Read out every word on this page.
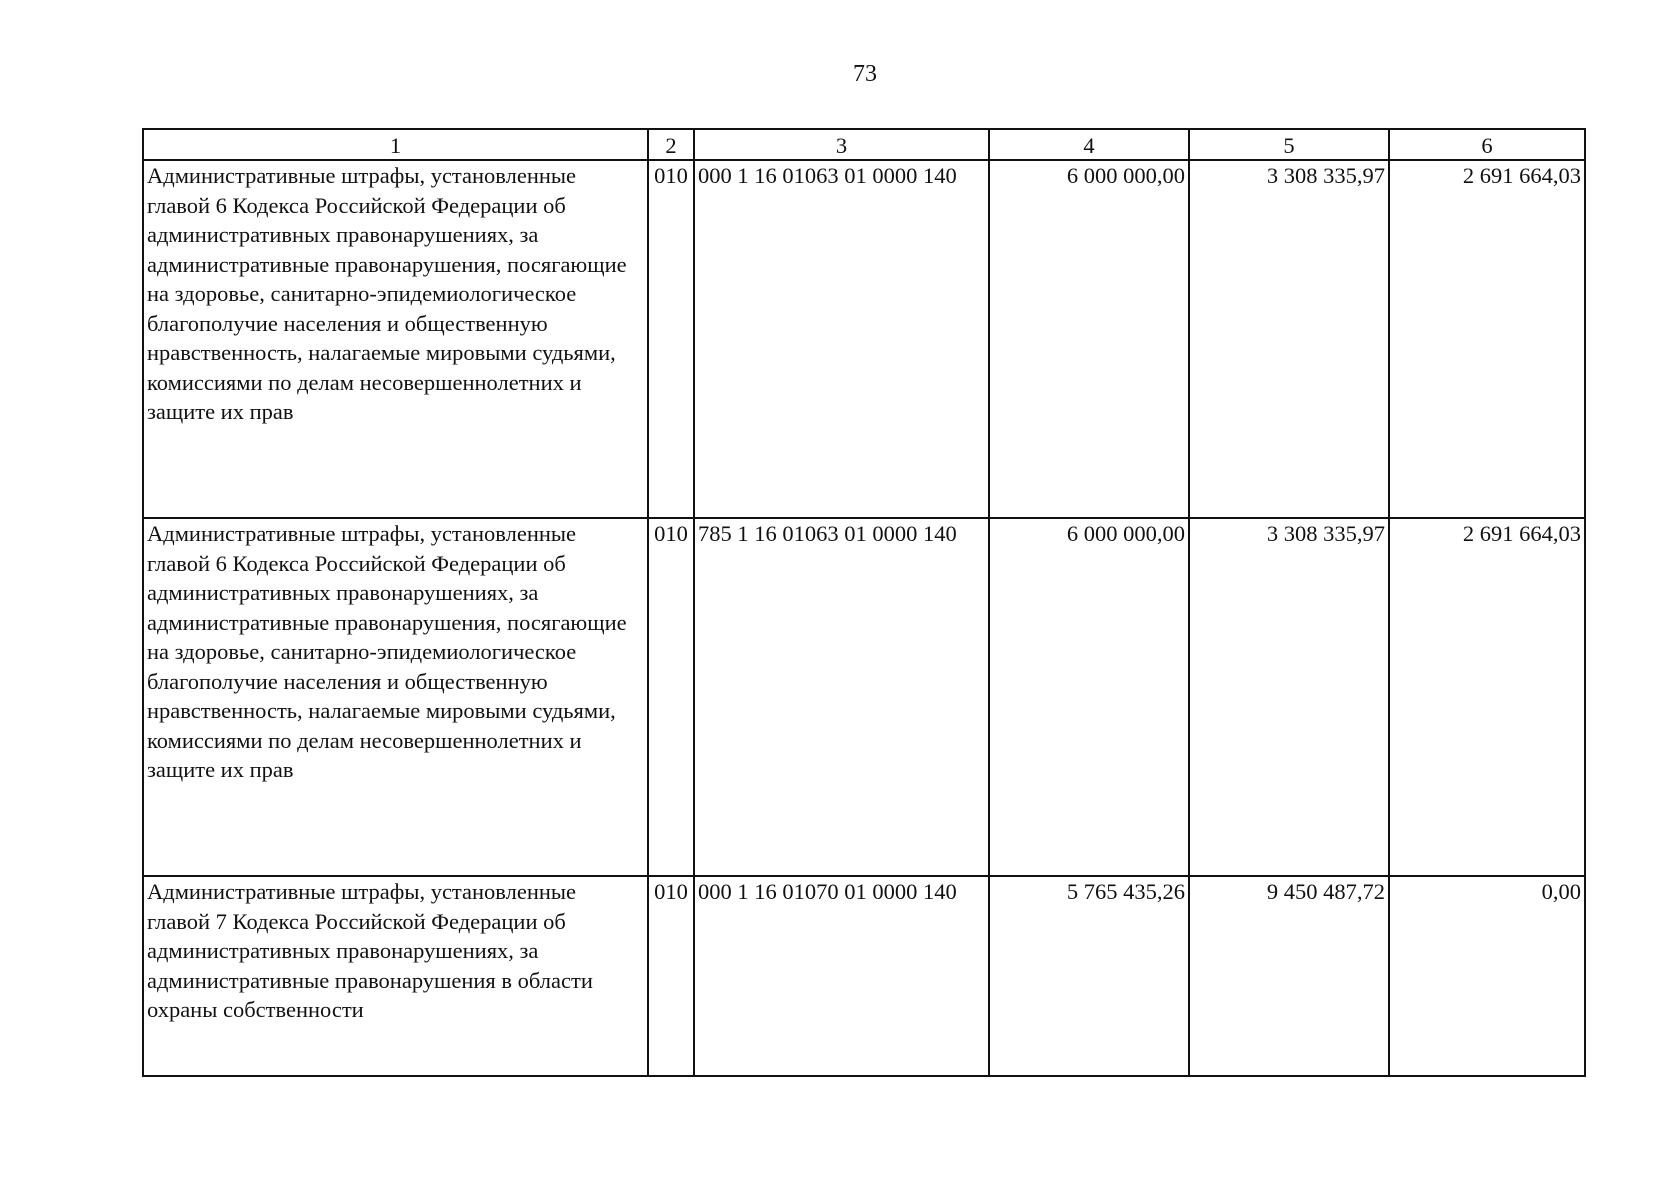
73
1	2	3	4	5	6
Административные штрафы, установленные главой 6 Кодекса Российской Федерации об административных правонарушениях, за административные правонарушения, посягающие на здоровье, санитарно-эпидемиологическое благополучие населения и общественную нравственность, налагаемые мировыми судьями, комиссиями по делам несовершеннолетних и защите их прав	010	000 1 16 01063 01 0000 140	6 000 000,00	3 308 335,97	2 691 664,03
Административные штрафы, установленные главой 6 Кодекса Российской Федерации об административных правонарушениях, за административные правонарушения, посягающие на здоровье, санитарно-эпидемиологическое благополучие населения и общественную нравственность, налагаемые мировыми судьями, комиссиями по делам несовершеннолетних и защите их прав	010	785 1 16 01063 01 0000 140	6 000 000,00	3 308 335,97	2 691 664,03
Административные штрафы, установленные главой 7 Кодекса Российской Федерации об административных правонарушениях, за административные правонарушения в области охраны собственности	010	000 1 16 01070 01 0000 140	5 765 435,26	9 450 487,72	0,00
